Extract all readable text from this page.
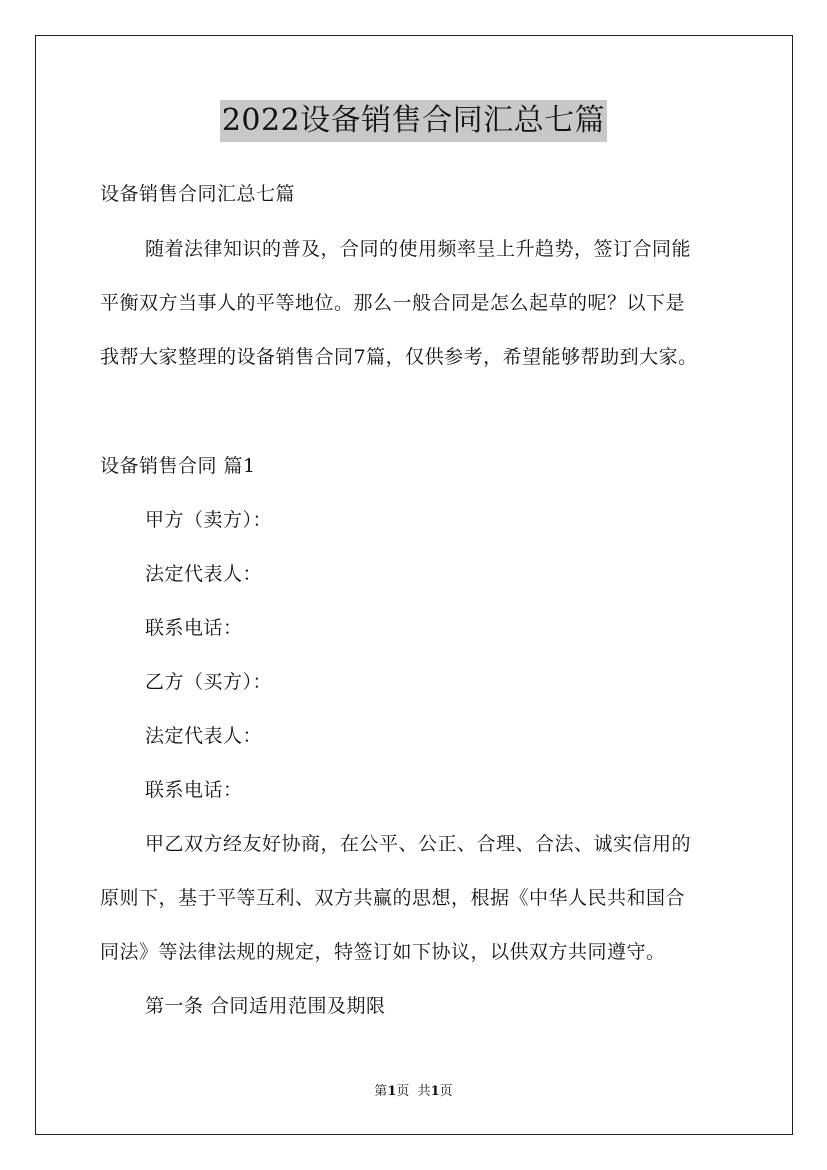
2022设备销售合同汇总七篇
设备销售合同汇总七篇
随着法律知识的普及，合同的使用频率呈上升趋势，签订合同能
平衡双方当事人的平等地位。那么一般合同是怎么起草的呢？以下是
我帮大家整理的设备销售合同7篇，仅供参考，希望能够帮助到大家。
设备销售合同 篇1
甲方（卖方）：
法定代表人：
联系电话：
乙方（买方）：
法定代表人：
联系电话：
甲乙双方经友好协商，在公平、公正、合理、合法、诚实信用的
原则下，基于平等互利、双方共赢的思想，根据《中华人民共和国合
同法》等法律法规的规定，特签订如下协议，以供双方共同遵守。
第一条 合同适用范围及期限
第1页  共1页
